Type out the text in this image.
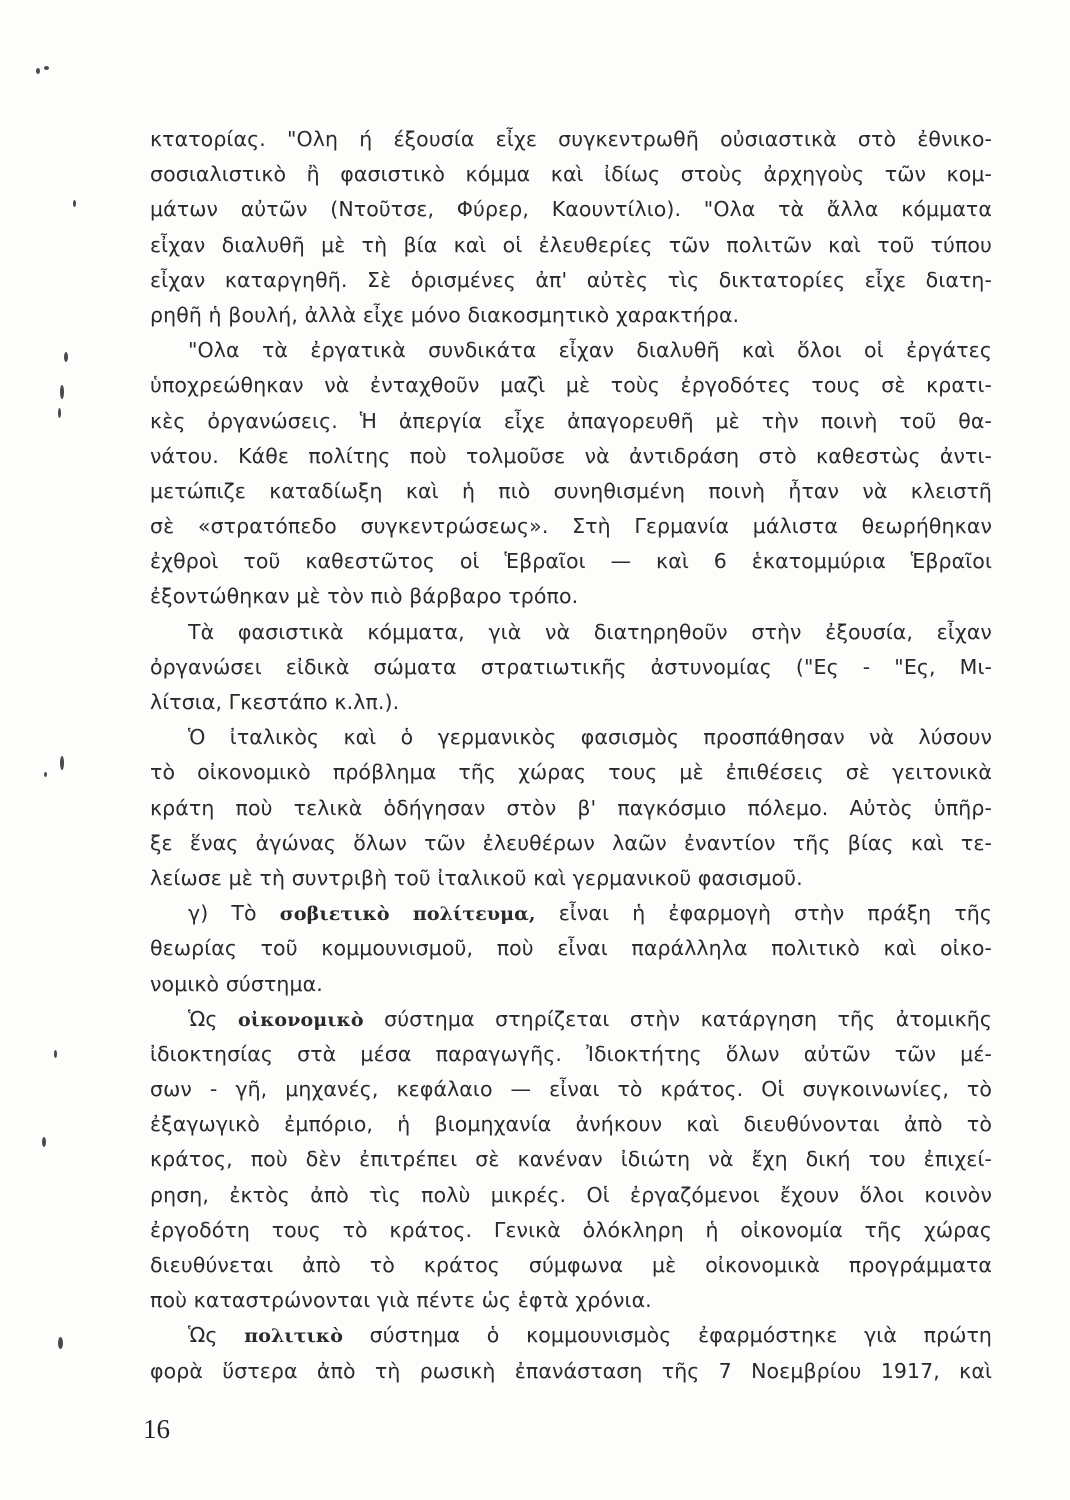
κτατορίας. "Ολη ή έξουσία εἶχε συγκεντρωθῆ οὐσιαστικὰ στὸ ἐθνικο-
σοσιαλιστικὸ ἢ φασιστικὸ κόμμα καὶ ἰδίως στοὺς ἀρχηγοὺς τῶν κομ-
μάτων αὐτῶν (Ντοῦτσε, Φύρερ, Καουντίλιο). "Ολα τὰ ἄλλα κόμματα
εἶχαν διαλυθῆ μὲ τὴ βία καὶ οἱ ἐλευθερίες τῶν πολιτῶν καὶ τοῦ τύπου
εἶχαν καταργηθῆ. Σὲ ὁρισμένες ἀπ' αὐτὲς τὶς δικτατορίες εἶχε διατη-
ρηθῆ ἡ βουλή, ἀλλὰ εἶχε μόνο διακοσμητικὸ χαρακτήρα.
"Ολα τὰ ἐργατικὰ συνδικάτα εἶχαν διαλυθῆ καὶ ὅλοι οἱ ἐργάτες
ὑποχρεώθηκαν νὰ ἐνταχθοῦν μαζὶ μὲ τοὺς ἐργοδότες τους σὲ κρατι-
κὲς ὀργανώσεις. Ἡ ἀπεργία εἶχε ἀπαγορευθῆ μὲ τὴν ποινὴ τοῦ θα-
νάτου. Κάθε πολίτης ποὺ τολμοῦσε νὰ ἀντιδράση στὸ καθεστὼς ἀντι-
μετώπιζε καταδίωξη καὶ ἡ πιὸ συνηθισμένη ποινὴ ἦταν νὰ κλειστῆ
σὲ «στρατόπεδο συγκεντρώσεως». Στὴ Γερμανία μάλιστα θεωρήθηκαν
ἐχθροὶ τοῦ καθεστῶτος οἱ Ἑβραῖοι — καὶ 6 ἑκατομμύρια Ἑβραῖοι
ἐξοντώθηκαν μὲ τὸν πιὸ βάρβαρο τρόπο.
Τὰ φασιστικὰ κόμματα, γιὰ νὰ διατηρηθοῦν στὴν ἐξουσία, εἶχαν
ὀργανώσει εἰδικὰ σώματα στρατιωτικῆς ἀστυνομίας ("Ες - "Ες, Μι-
λίτσια, Γκεστάπο κ.λπ.).
Ὁ ἰταλικὸς καὶ ὁ γερμανικὸς φασισμὸς προσπάθησαν νὰ λύσουν
τὸ οἰκονομικὸ πρόβλημα τῆς χώρας τους μὲ ἐπιθέσεις σὲ γειτονικὰ
κράτη ποὺ τελικὰ ὁδήγησαν στὸν β' παγκόσμιο πόλεμο. Αὐτὸς ὑπῆρ-
ξε ἕνας ἀγώνας ὅλων τῶν ἐλευθέρων λαῶν ἐναντίον τῆς βίας καὶ τε-
λείωσε μὲ τὴ συντριβὴ τοῦ ἰταλικοῦ καὶ γερμανικοῦ φασισμοῦ.
γ) Τὸ σοβιετικὸ πολίτευμα, εἶναι ἡ ἐφαρμογὴ στὴν πράξη τῆς
θεωρίας τοῦ κομμουνισμοῦ, ποὺ εἶναι παράλληλα πολιτικὸ καὶ οἰκο-
νομικὸ σύστημα.
Ὡς οἰκονομικὸ σύστημα στηρίζεται στὴν κατάργηση τῆς ἀτομικῆς
ἰδιοκτησίας στὰ μέσα παραγωγῆς. Ἰδιοκτήτης ὅλων αὐτῶν τῶν μέ-
σων - γῆ, μηχανές, κεφάλαιο — εἶναι τὸ κράτος. Οἱ συγκοινωνίες, τὸ
ἐξαγωγικὸ ἐμπόριο, ἡ βιομηχανία ἀνήκουν καὶ διευθύνονται ἀπὸ τὸ
κράτος, ποὺ δὲν ἐπιτρέπει σὲ κανέναν ἰδιώτη νὰ ἔχη δική του ἐπιχεί-
ρηση, ἐκτὸς ἀπὸ τὶς πολὺ μικρές. Οἱ ἐργαζόμενοι ἔχουν ὅλοι κοινὸν
ἐργοδότη τους τὸ κράτος. Γενικὰ ὁλόκληρη ἡ οἰκονομία τῆς χώρας
διευθύνεται ἀπὸ τὸ κράτος σύμφωνα μὲ οἰκονομικὰ προγράμματα
ποὺ καταστρώνονται γιὰ πέντε ὡς ἑφτὰ χρόνια.
Ὡς πολιτικὸ σύστημα ὁ κομμουνισμὸς ἐφαρμόστηκε γιὰ πρώτη
φορὰ ὕστερα ἀπὸ τὴ ρωσικὴ ἐπανάσταση τῆς 7 Νοεμβρίου 1917, καὶ
16
